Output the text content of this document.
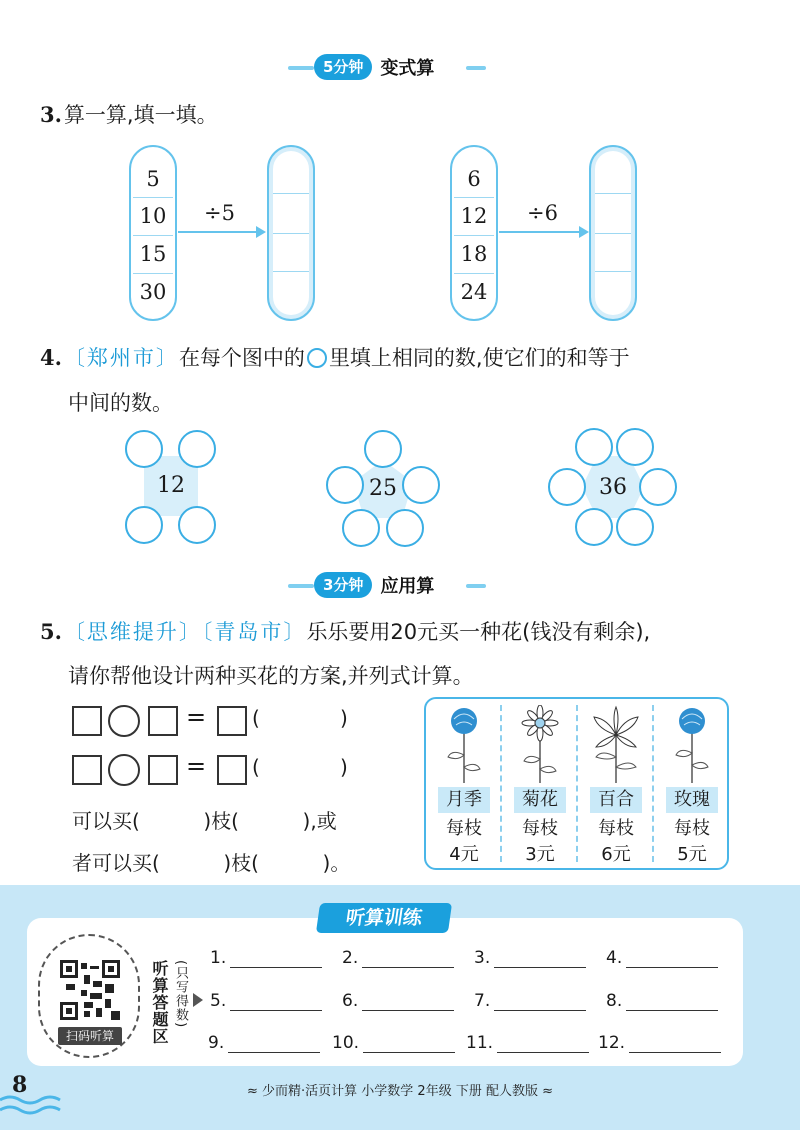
5分钟 变式算
3.算一算,填一填。
5
10
15
30
÷5
6
12
18
24
÷6
4.〔郑州市〕在每个图中的 里填上相同的数,使它们的和等于
中间的数。
12	25	36
3分钟 应用算
5.〔思维提升〕〔青岛市〕乐乐要用20元买一种花(钱没有剩余),
请你帮他设计两种买花的方案,并列式计算。
= (	)
= (	)
可以买(          )枝(          ),或
者可以买(          )枝(          )。
月季
每枝
4元
菊花
每枝
3元
百合
每枝
6元
玫瑰
每枝
5元
听算训练
扫码听算	听算答题区 (只写得数)
1.	2.	3.	4.
5.	6.	7.	8.
9.	10.	11.	12.
8	≈ 少而精·活页计算 小学数学 2年级 下册 配人教版 ≈
